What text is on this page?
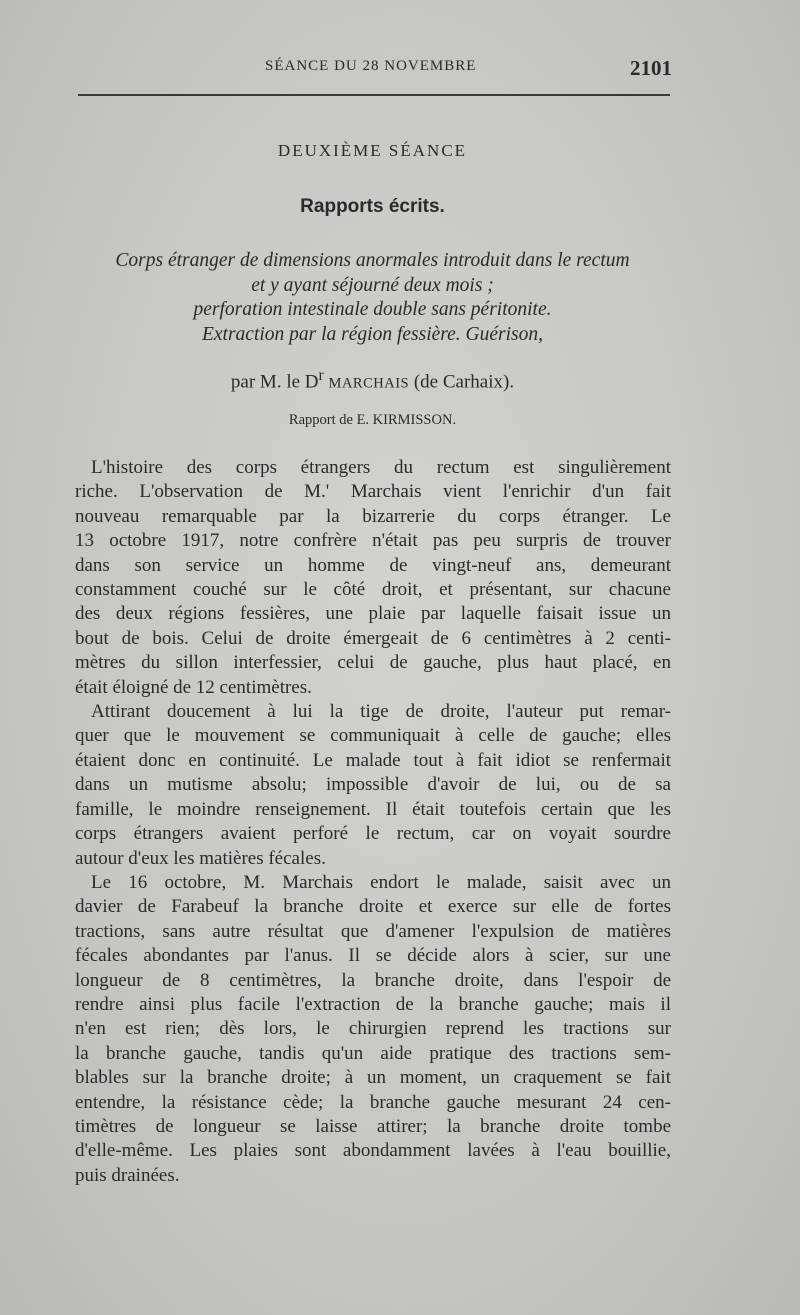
SÉANCE DU 28 NOVEMBRE	2101
DEUXIÈME SÉANCE
Rapports écrits.
Corps étranger de dimensions anormales introduit dans le rectum
et y ayant séjourné deux mois ;
perforation intestinale double sans péritonite.
Extraction par la région fessière. Guérison,
par M. le $D^r$ MARCHAIS (de Carhaix).
Rapport de E. KIRMISSON.
L'histoire des corps étrangers du rectum est singulièrement
riche. L'observation de M.' Marchais vient l'enrichir d'un fait
nouveau remarquable par la bizarrerie du corps étranger. Le
13 octobre 1917, notre confrère n'était pas peu surpris de trouver
dans son service un homme de vingt-neuf ans, demeurant
constamment couché sur le côté droit, et présentant, sur chacune
des deux régions fessières, une plaie par laquelle faisait issue un
bout de bois. Celui de droite émergeait de 6 centimètres à 2 centi-
mètres du sillon interfessier, celui de gauche, plus haut placé, en
était éloigné de 12 centimètres.
Attirant doucement à lui la tige de droite, l'auteur put remar-
quer que le mouvement se communiquait à celle de gauche; elles
étaient donc en continuité. Le malade tout à fait idiot se renfermait
dans un mutisme absolu; impossible d'avoir de lui, ou de sa
famille, le moindre renseignement. Il était toutefois certain que les
corps étrangers avaient perforé le rectum, car on voyait sourdre
autour d'eux les matières fécales.
Le 16 octobre, M. Marchais endort le malade, saisit avec un
davier de Farabeuf la branche droite et exerce sur elle de fortes
tractions, sans autre résultat que d'amener l'expulsion de matières
fécales abondantes par l'anus. Il se décide alors à scier, sur une
longueur de 8 centimètres, la branche droite, dans l'espoir de
rendre ainsi plus facile l'extraction de la branche gauche; mais il
n'en est rien; dès lors, le chirurgien reprend les tractions sur
la branche gauche, tandis qu'un aide pratique des tractions sem-
blables sur la branche droite; à un moment, un craquement se fait
entendre, la résistance cède; la branche gauche mesurant 24 cen-
timètres de longueur se laisse attirer; la branche droite tombe
d'elle-même. Les plaies sont abondamment lavées à l'eau bouillie,
puis drainées.
